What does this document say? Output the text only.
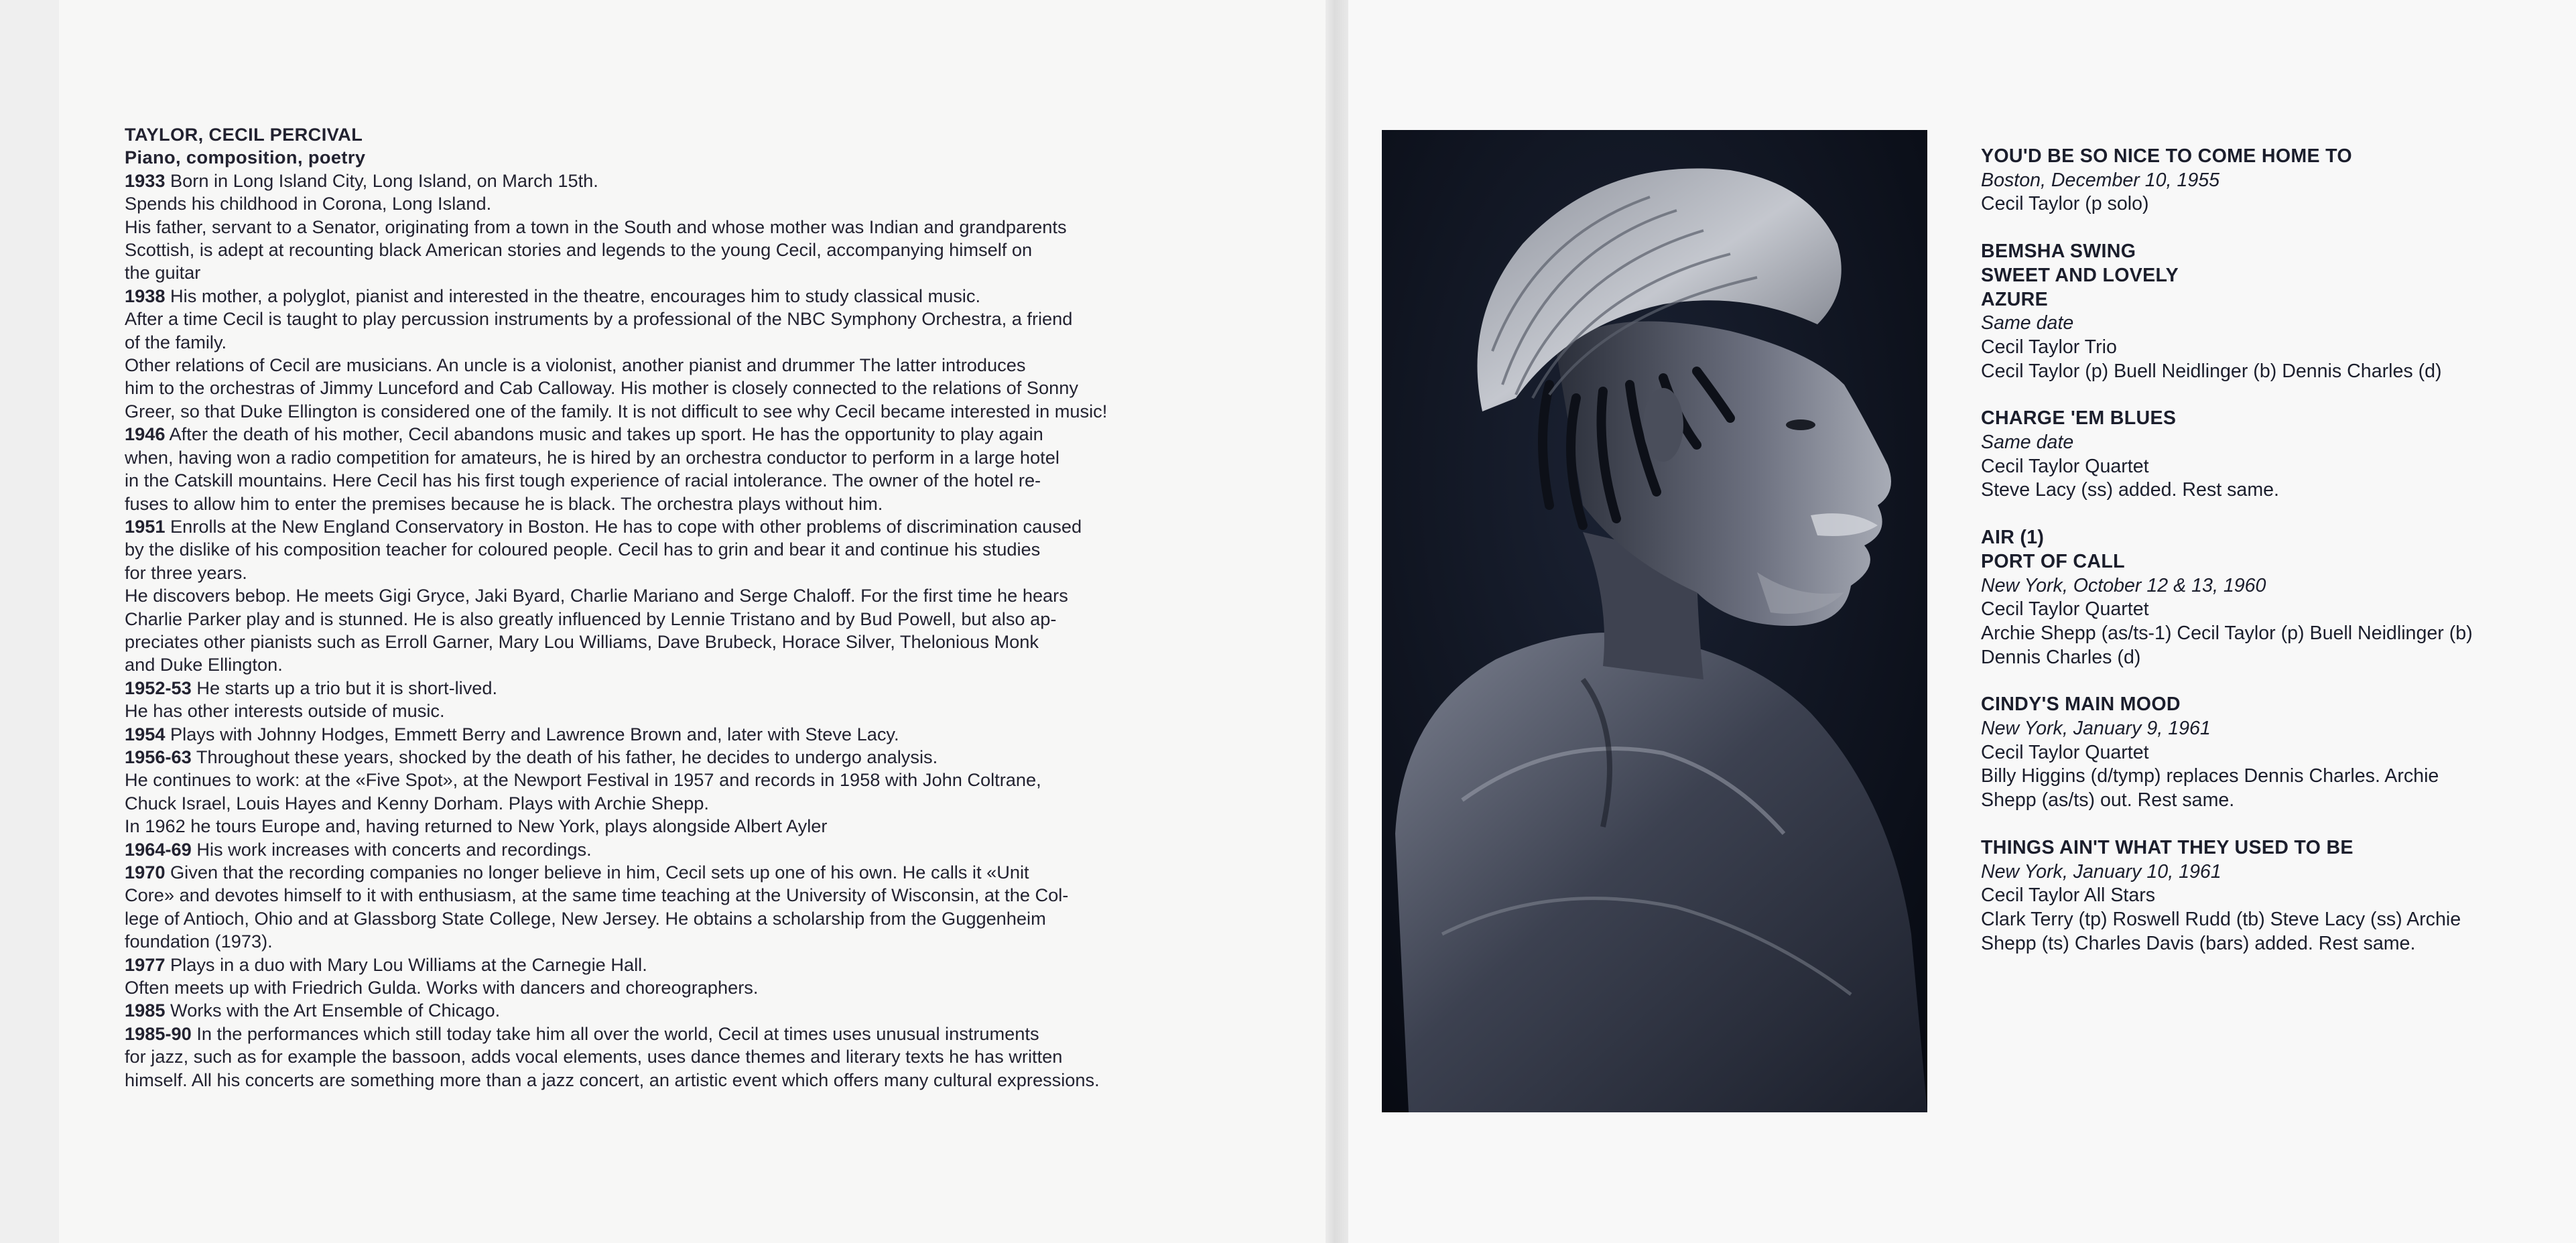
TAYLOR, CECIL PERCIVAL
Piano, composition, poetry
1933 Born in Long Island City, Long Island, on March 15th.
Spends his childhood in Corona, Long Island.
His father, servant to a Senator, originating from a town in the South and whose mother was Indian and grandparents
Scottish, is adept at recounting black American stories and legends to the young Cecil, accompanying himself on
the guitar
1938 His mother, a polyglot, pianist and interested in the theatre, encourages him to study classical music.
After a time Cecil is taught to play percussion instruments by a professional of the NBC Symphony Orchestra, a friend
of the family.
Other relations of Cecil are musicians. An uncle is a violonist, another pianist and drummer The latter introduces
him to the orchestras of Jimmy Lunceford and Cab Calloway. His mother is closely connected to the relations of Sonny
Greer, so that Duke Ellington is considered one of the family. It is not difficult to see why Cecil became interested in music!
1946 After the death of his mother, Cecil abandons music and takes up sport. He has the opportunity to play again
when, having won a radio competition for amateurs, he is hired by an orchestra conductor to perform in a large hotel
in the Catskill mountains. Here Cecil has his first tough experience of racial intolerance. The owner of the hotel re-
fuses to allow him to enter the premises because he is black. The orchestra plays without him.
1951 Enrolls at the New England Conservatory in Boston. He has to cope with other problems of discrimination caused
by the dislike of his composition teacher for coloured people. Cecil has to grin and bear it and continue his studies
for three years.
He discovers bebop. He meets Gigi Gryce, Jaki Byard, Charlie Mariano and Serge Chaloff. For the first time he hears
Charlie Parker play and is stunned. He is also greatly influenced by Lennie Tristano and by Bud Powell, but also ap-
preciates other pianists such as Erroll Garner, Mary Lou Williams, Dave Brubeck, Horace Silver, Thelonious Monk
and Duke Ellington.
1952-53 He starts up a trio but it is short-lived.
He has other interests outside of music.
1954 Plays with Johnny Hodges, Emmett Berry and Lawrence Brown and, later with Steve Lacy.
1956-63 Throughout these years, shocked by the death of his father, he decides to undergo analysis.
He continues to work: at the «Five Spot», at the Newport Festival in 1957 and records in 1958 with John Coltrane,
Chuck Israel, Louis Hayes and Kenny Dorham. Plays with Archie Shepp.
In 1962 he tours Europe and, having returned to New York, plays alongside Albert Ayler
1964-69 His work increases with concerts and recordings.
1970 Given that the recording companies no longer believe in him, Cecil sets up one of his own. He calls it «Unit
Core» and devotes himself to it with enthusiasm, at the same time teaching at the University of Wisconsin, at the Col-
lege of Antioch, Ohio and at Glassborg State College, New Jersey. He obtains a scholarship from the Guggenheim
foundation (1973).
1977 Plays in a duo with Mary Lou Williams at the Carnegie Hall.
Often meets up with Friedrich Gulda. Works with dancers and choreographers.
1985 Works with the Art Ensemble of Chicago.
1985-90 In the performances which still today take him all over the world, Cecil at times uses unusual instruments
for jazz, such as for example the bassoon, adds vocal elements, uses dance themes and literary texts he has written
himself. All his concerts are something more than a jazz concert, an artistic event which offers many cultural expressions.
YOU'D BE SO NICE TO COME HOME TO
Boston, December 10, 1955
Cecil Taylor (p solo)
BEMSHA SWING
SWEET AND LOVELY
AZURE
Same date
Cecil Taylor Trio
Cecil Taylor (p) Buell Neidlinger (b) Dennis Charles (d)
CHARGE 'EM BLUES
Same date
Cecil Taylor Quartet
Steve Lacy (ss) added. Rest same.
AIR (1)
PORT OF CALL
New York, October 12 & 13, 1960
Cecil Taylor Quartet
Archie Shepp (as/ts-1) Cecil Taylor (p) Buell Neidlinger (b)
Dennis Charles (d)
CINDY'S MAIN MOOD
New York, January 9, 1961
Cecil Taylor Quartet
Billy Higgins (d/tymp) replaces Dennis Charles. Archie
Shepp (as/ts) out. Rest same.
THINGS AIN'T WHAT THEY USED TO BE
New York, January 10, 1961
Cecil Taylor All Stars
Clark Terry (tp) Roswell Rudd (tb) Steve Lacy (ss) Archie
Shepp (ts) Charles Davis (bars) added. Rest same.
